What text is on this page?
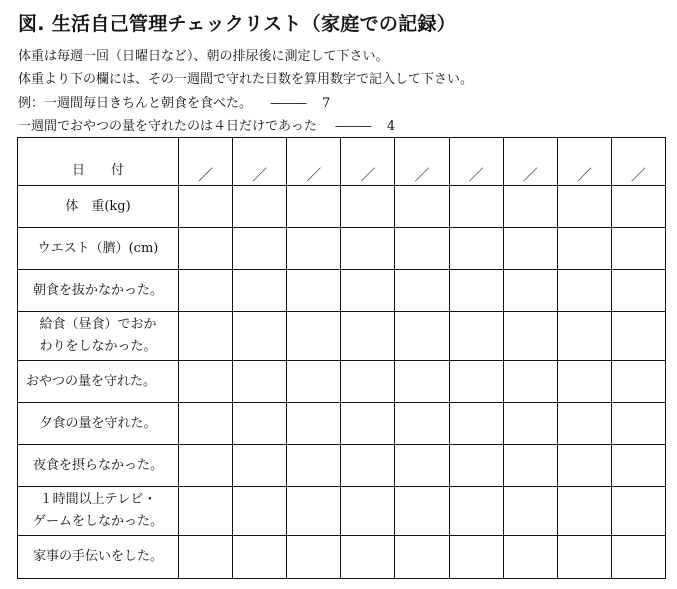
図. 生活自己管理チェックリスト（家庭での記録）
体重は毎週一回（日曜日など）、朝の排尿後に測定して下さい。
体重より下の欄には、その一週間で守れた日数を算用数字で記入して下さい。
例：一週間毎日きちんと朝食を食べた。 ——— 7
一週間でおやつの量を守れたのは４日だけであった ——— 4
日　　付	／	／	／	／	／	／	／	／	／
体　重(kg)									
ウエスト（臍）(cm)									
朝食を抜かなかった。									

給食（昼食）でおか
わりをしなかった。									

おやつの量を守れた。									
夕食の量を守れた。									
夜食を摂らなかった。									

１時間以上テレビ・
ゲームをしなかった。									

家事の手伝いをした。									
